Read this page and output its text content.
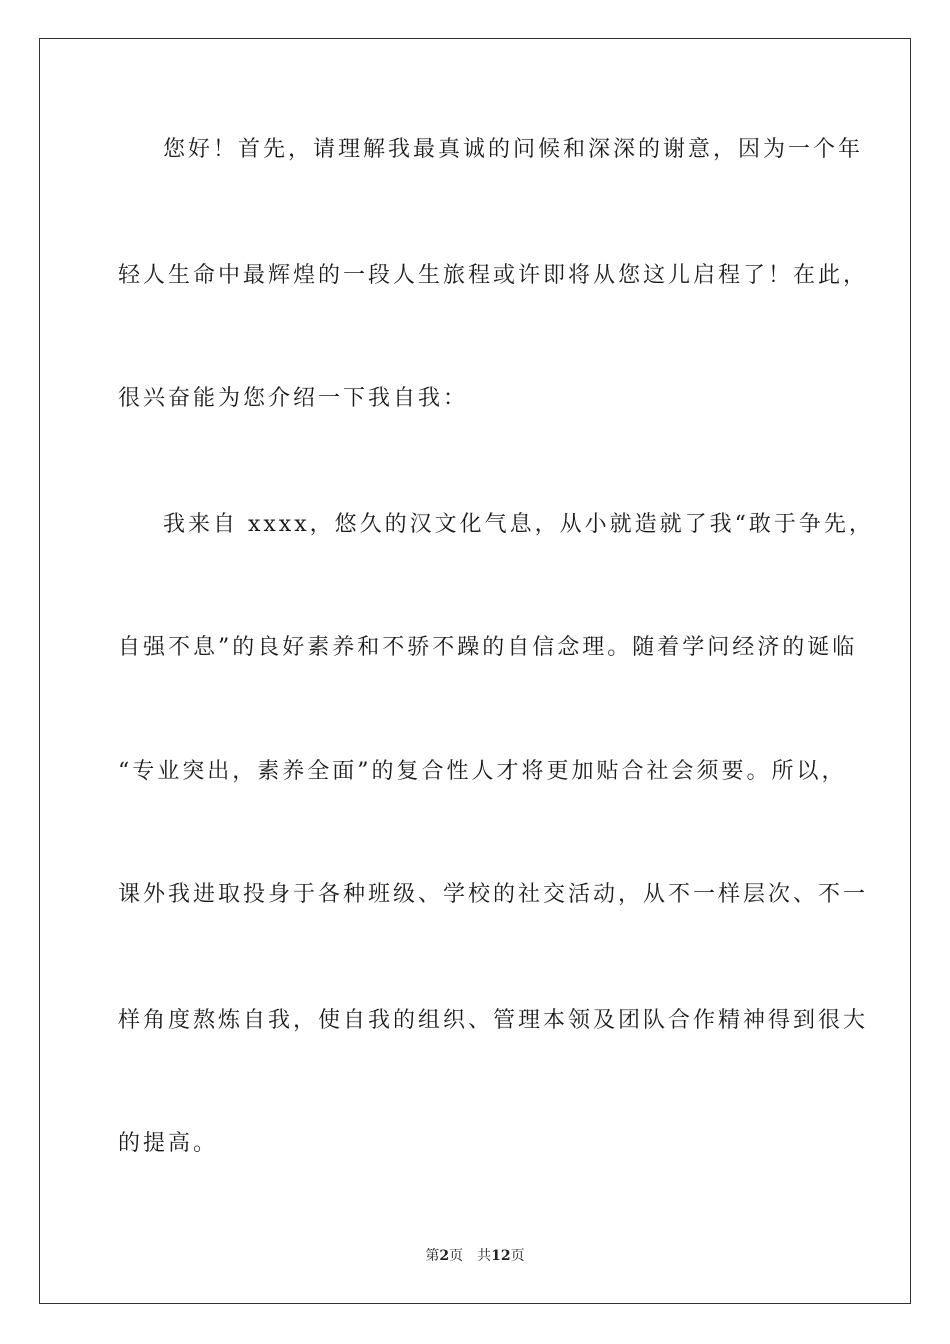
您好！首先，请理解我最真诚的问候和深深的谢意，因为一个年
轻人生命中最辉煌的一段人生旅程或许即将从您这儿启程了！在此，
很兴奋能为您介绍一下我自我：
我来自 xxxx，悠久的汉文化气息，从小就造就了我“敢于争先，
自强不息”的良好素养和不骄不躁的自信念理。随着学问经济的诞临
“专业突出，素养全面”的复合性人才将更加贴合社会须要。所以，
课外我进取投身于各种班级、学校的社交活动，从不一样层次、不一
样角度熬炼自我，使自我的组织、管理本领及团队合作精神得到很大
的提高。
第2页 共12页
